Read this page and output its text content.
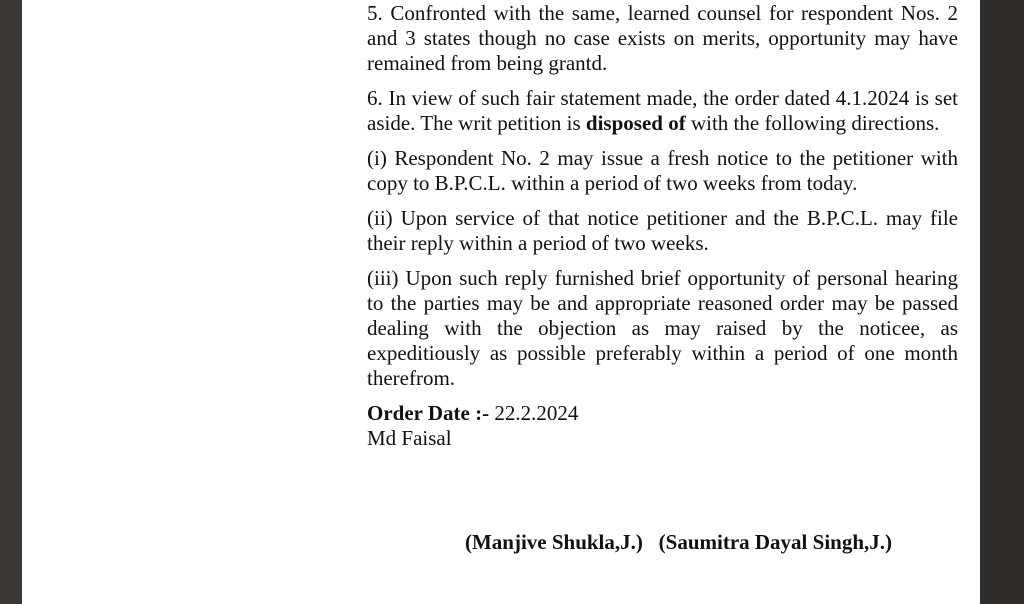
5. Confronted with the same, learned counsel for respondent Nos. 2 and 3 states though no case exists on merits, opportunity may have remained from being grantd.

6. In view of such fair statement made, the order dated 4.1.2024 is set aside. The writ petition is disposed of with the following directions.

(i) Respondent No. 2 may issue a fresh notice to the petitioner with copy to B.P.C.L. within a period of two weeks from today.

(ii) Upon service of that notice petitioner and the B.P.C.L. may file their reply within a period of two weeks.

(iii) Upon such reply furnished brief opportunity of personal hearing to the parties may be and appropriate reasoned order may be passed dealing with the objection as may raised by the noticee, as expeditiously as possible preferably within a period of one month therefrom.

Order Date :- 22.2.2024

Md Faisal

(Manjive Shukla,J.) (Saumitra Dayal Singh,J.)
